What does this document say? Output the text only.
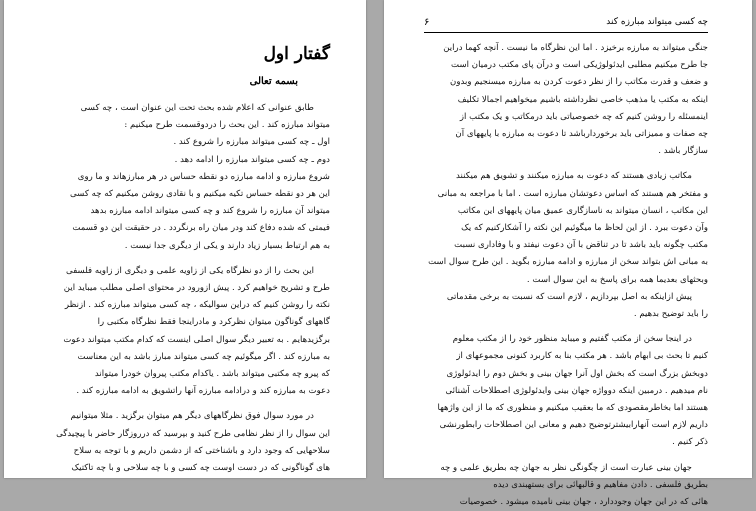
گفتار اول
بسمه تعالی

طابق عنوانی که اعلام شده بحث تحت این عنوان است ، چه کسی

میتواند مبارزه کند . این بحث را دردوقسمت طرح میکنیم :

اول ـ چه کسی میتواند مبارزه را شروع کند .

دوم ـ چه کسی میتواند مبارزه را ادامه دهد .

شروع مبارزه و ادامه مبارزه دو نقطه حساس در هر مبارزهاند و ما روی

این هر دو نقطه حساس تکیه میکنیم و با نقادی روشن میکنیم که چه کسی

میتواند آن مبارزه را شروع کند و چه کسی میتواند ادامه مبارزه بدهد

فیمتی که شده دفاع کند ودر میان راه برنگردد . در حقیقت این دو قسمت

به هم ارتباط بسیار زیاد دارند و یکی از دیگری جدا نیست .

این بحث را از دو نظرگاه یکی از زاویه علمی و دیگری از زاویه فلسفی

طرح و تشریح خواهیم کرد . پیش ازورود در محتوای اصلی مطلب میباید این

نکته را روشن کنیم که دراین سوالیکه ، چه کسی میتواند مبارزه کند . ازنظر

گاههای گوناگون میتوان نظرکرد و مادراینجا فقط نظرگاه مکتبی را

برگزیدهایم . به تعبیر دیگر سوال اصلی اینست که کدام مکتب میتواند دعوت

به مبارزه کند . اگر میگوئیم چه کسی میتواند مبارز باشد به این معناست

که پیرو چه مکتبی میتواند باشد . یاکدام مکتب پیروان خودرا میتواند

دعوت به مبارزه کند و درادامه مبارزه آنها راتشویق به ادامه مبارزه کند .

در مورد سوال فوق نظرگاههای دیگر هم میتوان برگزید . مثلا میتوانیم

این سوال را از نظر نظامی طرح کنید و بپرسید که درروزگار حاضر با پیچیدگی

سلاحهایی که وجود دارد و باشناختی که از دشمن داریم و با توجه به سلاح

های گوناگونی که در دست اوست چه کسی و با چه سلاحی و با چه تاکتیک

۶	چه کسی میتواند مبارزه کند

جنگی میتواند به مبارزه برخیزد . اما این نظرگاه ما نیست . آنچه کهما دراین

جا طرح میکنیم مطلبی ایدئولوژیکی است و درآن پای مکتب درمیان است

و ضعف و قدرت مکاتب را از نظر دعوت کردن به مبارزه میسنجیم وبدون

اینکه به مکتب یا مذهب خاصی نظرداشته باشیم میخواهیم اجمالا تکلیف

اینمسئله را روشن کنیم که چه خصوصیاتی باید درمکاتب و یک مکتب از

چه صفات و مميزاتی باید برخوردارباشد تا دعوت به مبارزه با پایههای آن

سازگار باشد .

مکاتب زیادی هستند که دعوت به مبارزه میکنند و تشویق هم میکنند

و مفتخر هم هستند که اساس دعوتشان مبارزه است . اما با مراجعه به مبانی

این مکاتب ، انسان میتواند به ناسازگاری عمیق میان پایههای این مکاتب

وآن دعوت ببرد . از این لحاظ ما میگوئیم این نکته را آشکارکنیم که یک

مکتب چگونه باید باشد تا در تناقض با آن دعوت نیفتد و با وفاداری نسبت

به مبانی اش بتواند سخن از مبارزه و ادامه مبارزه بگوید . این طرح سوال است

وبحثهای بعدیما همه برای پاسخ به این سوال است .

پیش ازاینکه به اصل بپردازیم ، لازم است که نسبت به برخی مقدماتی

را باید توضیح بدهیم .

در اینجا سخن از مکتب گفتیم و میباید منظور خود را از مکتب معلوم

کنیم تا بحث بی ابهام باشد . هر مکتب بنا به کاربرد کنونی مجموعهای از

دوبخش بزرگ است که بخش اول آنرا جهان بینی و بخش دوم را ایدئولوژی

نام میدهیم . درمبین اینکه دوواژه جهان بینی وایدئولوژی اصطلاحات آشنائی

هستند اما بخاطرمقصودی که ما بعقیب میکنیم و منظوری که ما از این واژهها

داریم لازم است آنهارابیشترتوضیح دهیم و معانی این اصطلاحات رابطورنشی

ذکر کنیم .

جهان بینی عبارت است از چگونگی نظر به جهان چه بطریق علمی و چه

بطریق فلسفی . دادن مفاهیم و قالبهائی برای بستهبندی دیده

هائی که در این جهان وجوددارد ، جهان بینی نامیده میشود . خصوصیات
